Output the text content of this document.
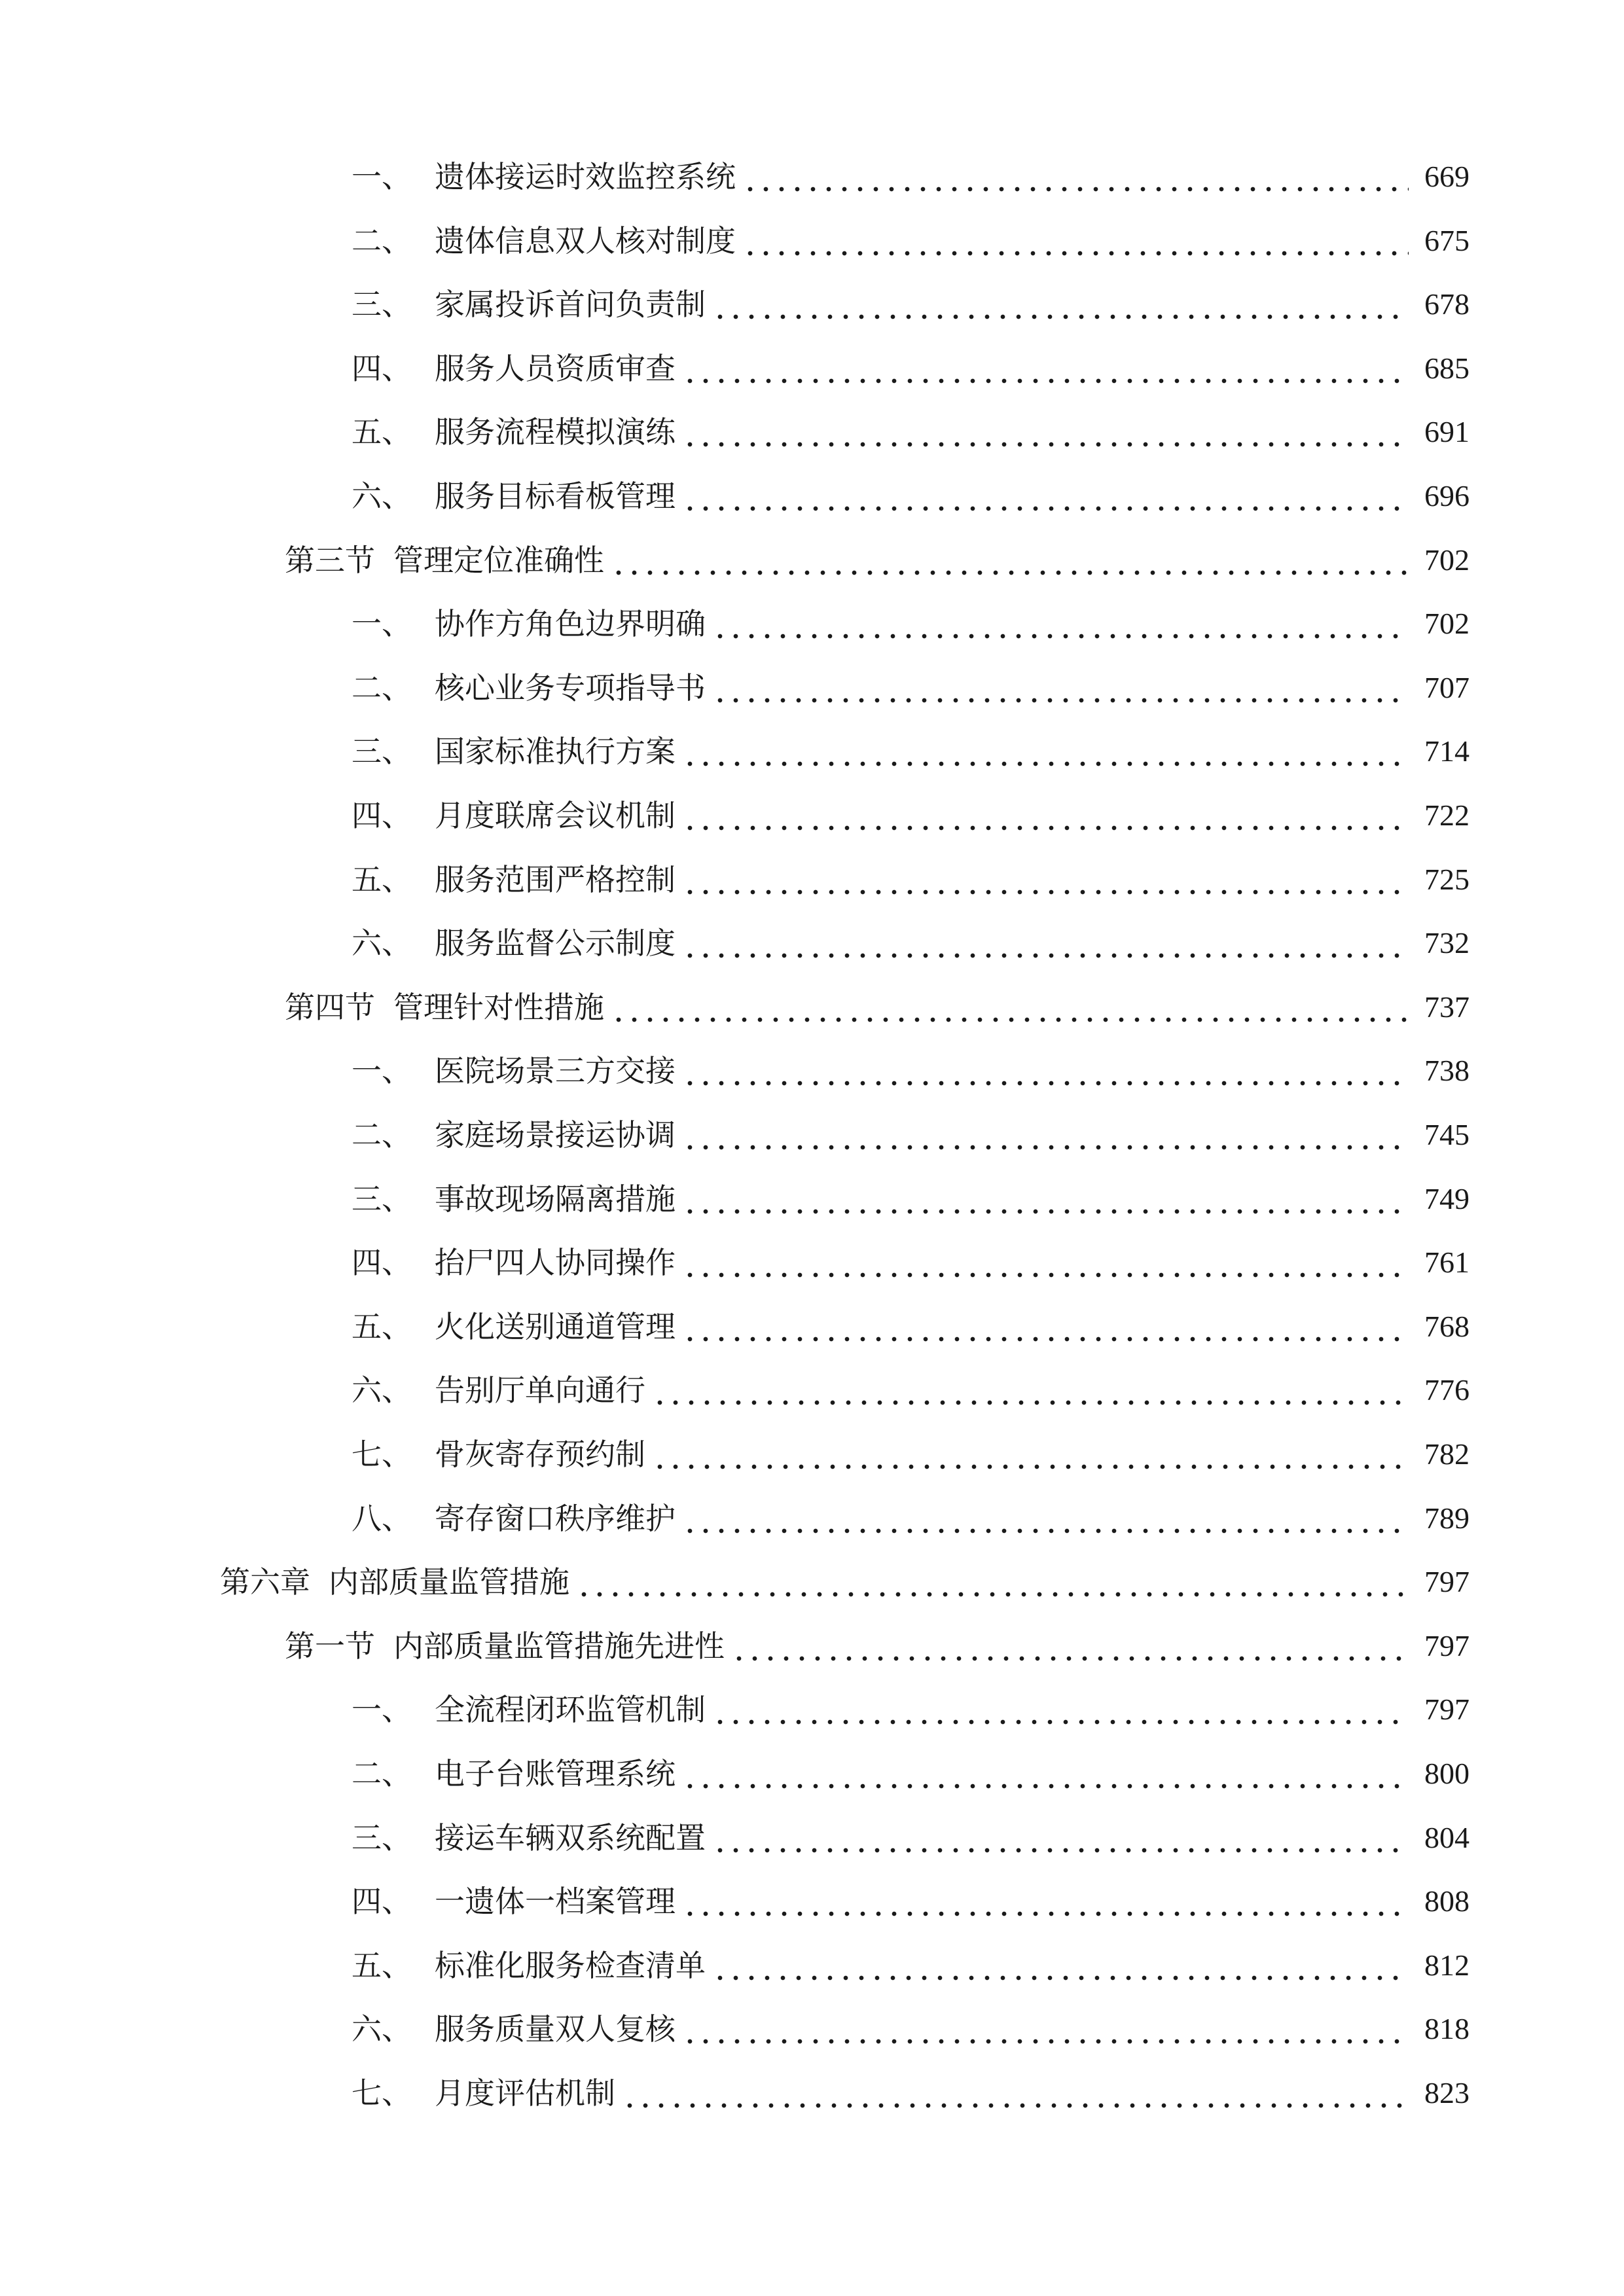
一、 遗体接运时效监控系统	669
二、 遗体信息双人核对制度	675
三、 家属投诉首问负责制	678
四、 服务人员资质审查	685
五、 服务流程模拟演练	691
六、 服务目标看板管理	696
第三节 管理定位准确性	702
一、 协作方角色边界明确	702
二、 核心业务专项指导书	707
三、 国家标准执行方案	714
四、 月度联席会议机制	722
五、 服务范围严格控制	725
六、 服务监督公示制度	732
第四节 管理针对性措施	737
一、 医院场景三方交接	738
二、 家庭场景接运协调	745
三、 事故现场隔离措施	749
四、 抬尸四人协同操作	761
五、 火化送别通道管理	768
六、 告别厅单向通行	776
七、 骨灰寄存预约制	782
八、 寄存窗口秩序维护	789
第六章 内部质量监管措施	797
第一节 内部质量监管措施先进性	797
一、 全流程闭环监管机制	797
二、 电子台账管理系统	800
三、 接运车辆双系统配置	804
四、 一遗体一档案管理	808
五、 标准化服务检查清单	812
六、 服务质量双人复核	818
七、 月度评估机制	823
